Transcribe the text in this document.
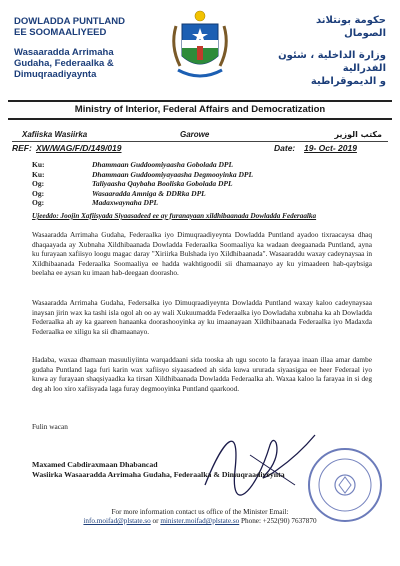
DOWLADDA PUNTLAND
EE SOOMAALIYEED
Wasaaradda Arrimaha
Gudaha, Federaalka &
Dimuqraadiyaynta
حكومة بونتلاند
الصومال
وزارة الداخلية ، شئون الفدرالية
و الديموقراطية
Ministry of Interior, Federal Affairs and Democratization
Xafiiska Wasiirka	Garowe	مكتب الوزير
REF: XW/WAG/F/D/149/019	Date: 19- Oct- 2019
Ku:	Dhammaan Guddoomiyaasha Gobolada DPL
Ku:	Dhammaan Guddoomiyayaasha Degmooyinka DPL
Og:	Taliyaasha Qaybaha Booliska Gobolada DPL
Og:	Wasaaradda Amniga & DDRka DPL
Og:	Madaxwaynaha DPL
Ujeeddo: Joojin Xafiisyada Siyaasadeed ee ay furanayaan xildhibaanada Dowladda Federaalka
Wasaaradda Arrimaha Gudaha, Federaalka iyo Dimuqraadiyeynta Dowladda Puntland ayadoo tixraacaysa dhaq dhaqaayada ay Xubnaha Xildhibaanada Dowladda Federaalka Soomaaliya ka wadaan deegaanada Puntland, ayna ku furayaan xafiisyo loogu magac daray "Xiriirka Bulshada iyo Xildhibaanada". Wasaaraddu waxay cadeynaysaa in Xildhibaanada Federaalka Soomaaliya ee hadda wakhtigoodii sii dhamaanayo ay ku yimaadeen hab-qaybsiga beelaha ee aysan ku imaan hab-deegaan doorasho.
Wasaaradda Arrimaha Gudaha, Federsalka iyo Dimuqraadiyeynta Dowladda Puntland waxay kaloo cadeynaysaa inaysan jirin wax ka tashi isla ogol ah oo ay wali Xukuumadda Federaalka iyo Dowladaha xubnaha ka ah Dowladda Federaalka ah ay ka gaareen hanaanka doorashooyinka ay ku imaanayaan Xildhibaanada Federaalka iyo Madaxda Federaalka ee xiligu ka sii dhamaanayo.
Hadaba, waxaa dhamaan masuuliyiinta warqaddaani sida tooska ah ugu socoto la farayaa inaan illaa amar dambe gudaha Puntland laga furi karin wax xafiisyo siyaasadeed ah sida kuwa ururada siyaasigaa ee heer Federaal iyo kuwa ay furayaan shaqsiyaadka ka tirsan Xildhibaanada Dowladda Federaalka ah. Waxaa kaloo la farayaa in si deg deg ah loo xiro xafiisyada laga furay degmooyinka Puntland qaarkood.
Fulin wacan
Maxamed Cabdiraxmaan Dhabancad
Wasiirka Wasaaradda Arrimaha Gudaha, Federaalka & Dimuqraadiyeynta
For more information contact us office of the Minister Email:
info.moifad@plstate.so or minister.moifad@plstate.so Phone: +252(90) 7637870
